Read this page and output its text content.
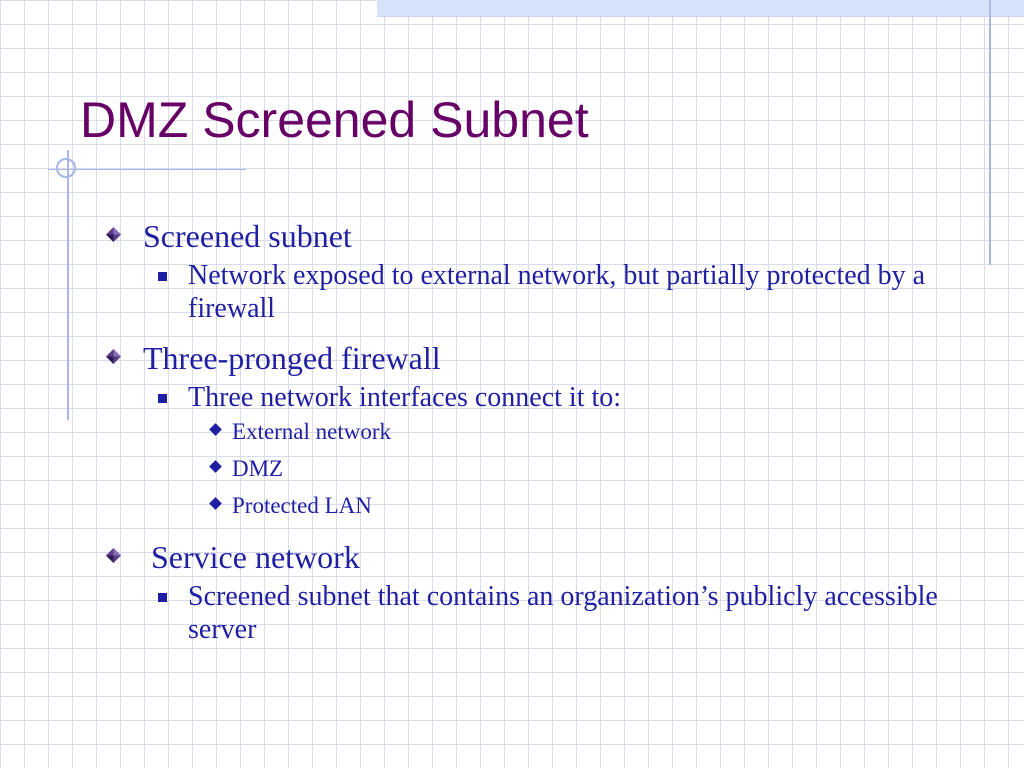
DMZ Screened Subnet
Screened subnet
Network exposed to external network, but partially protected by a firewall
Three-pronged firewall
Three network interfaces connect it to:
External network
DMZ
Protected LAN
Service network
Screened subnet that contains an organization’s publicly accessible server
